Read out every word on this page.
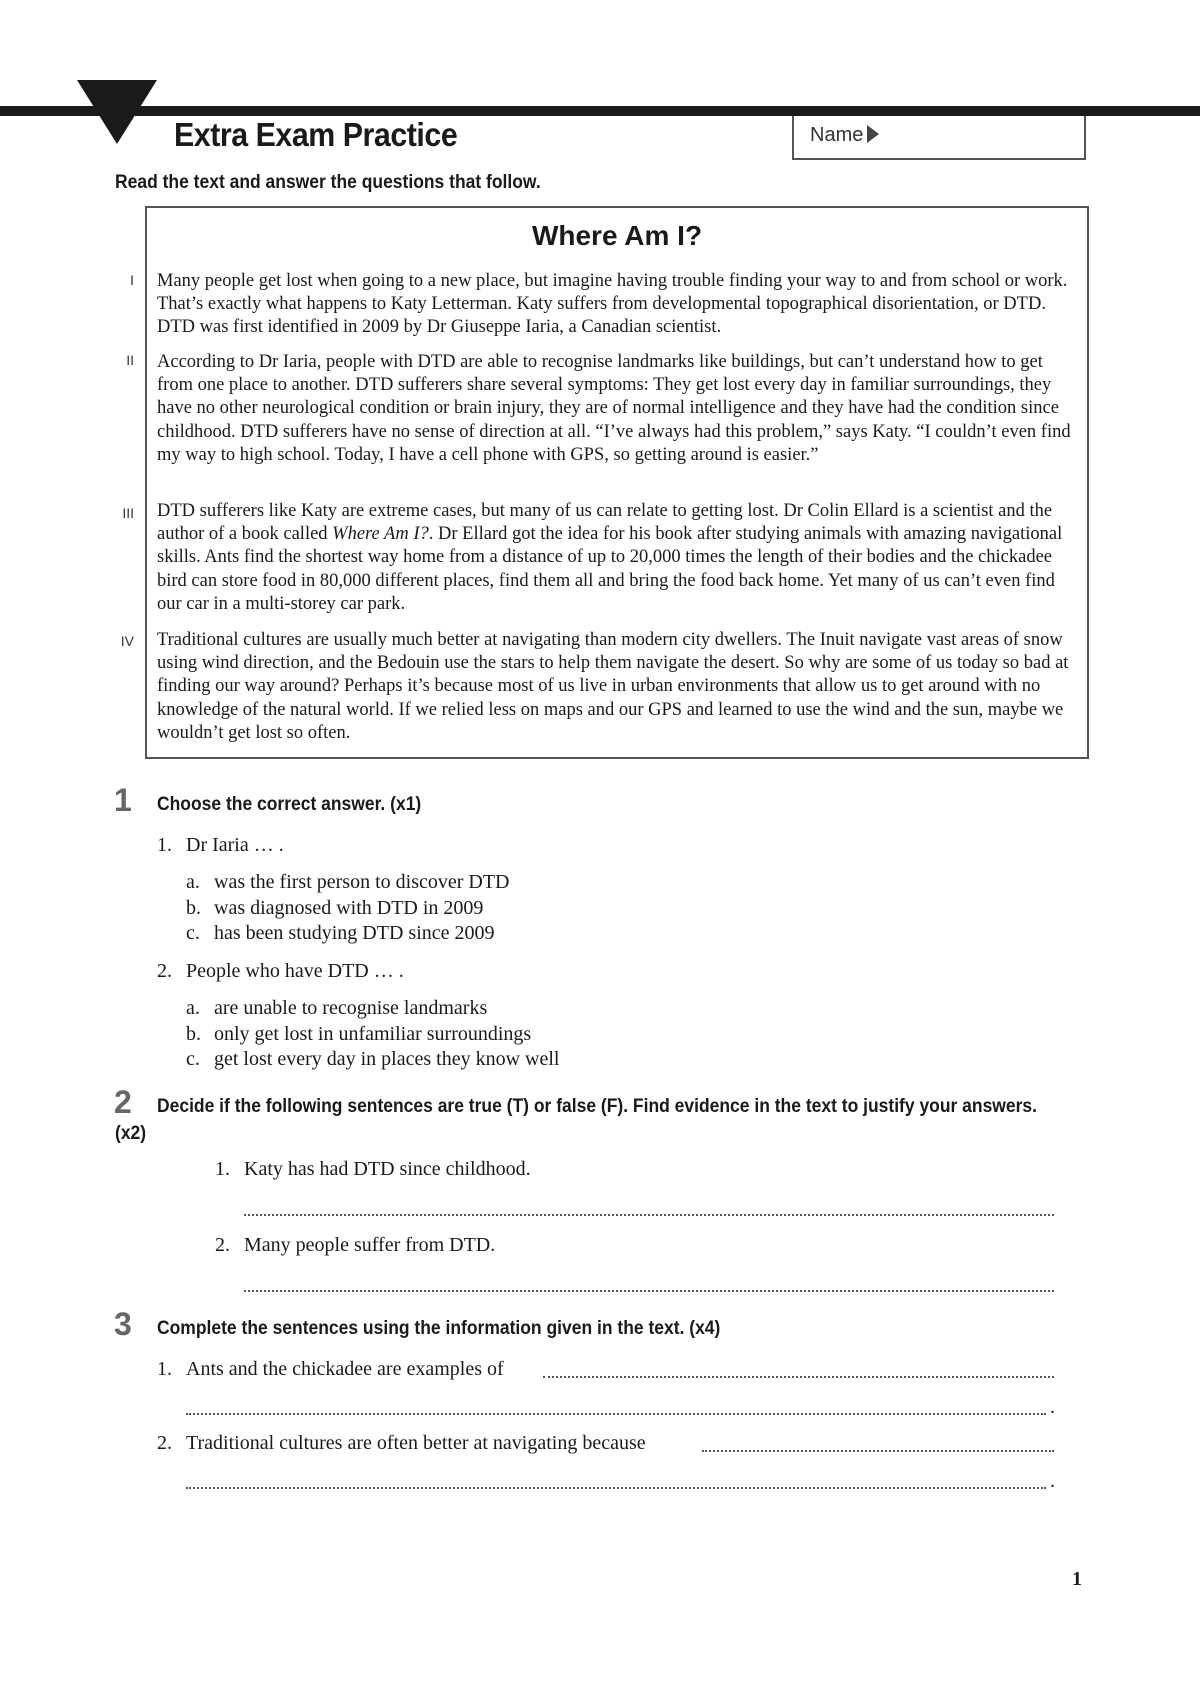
Extra Exam Practice	Name
Read the text and answer the questions that follow.
Where Am I?

Many people get lost when going to a new place, but imagine having trouble finding your way to and from school or work. That’s exactly what happens to Katy Letterman. Katy suffers from developmental topographical disorientation, or DTD. DTD was first identified in 2009 by Dr Giuseppe Iaria, a Canadian scientist.

According to Dr Iaria, people with DTD are able to recognise landmarks like buildings, but can’t understand how to get from one place to another. DTD sufferers share several symptoms: They get lost every day in familiar surroundings, they have no other neurological condition or brain injury, they are of normal intelligence and they have had the condition since childhood. DTD sufferers have no sense of direction at all. “I’ve always had this problem,” says Katy. “I couldn’t even find my way to high school. Today, I have a cell phone with GPS, so getting around is easier.”

DTD sufferers like Katy are extreme cases, but many of us can relate to getting lost. Dr Colin Ellard is a scientist and the author of a book called Where Am I?. Dr Ellard got the idea for his book after studying animals with amazing navigational skills. Ants find the shortest way home from a distance of up to 20,000 times the length of their bodies and the chickadee bird can store food in 80,000 different places, find them all and bring the food back home. Yet many of us can’t even find our car in a multi-storey car park.

Traditional cultures are usually much better at navigating than modern city dwellers. The Inuit navigate vast areas of snow using wind direction, and the Bedouin use the stars to help them navigate the desert. So why are some of us today so bad at finding our way around? Perhaps it’s because most of us live in urban environments that allow us to get around with no knowledge of the natural world. If we relied less on maps and our GPS and learned to use the wind and the sun, maybe we wouldn’t get lost so often.

I
II
III
IV
1 Choose the correct answer. (x1)
1. Dr Iaria … .
a. was the first person to discover DTD
b. was diagnosed with DTD in 2009
c. has been studying DTD since 2009
2. People who have DTD … .
a. are unable to recognise landmarks
b. only get lost in unfamiliar surroundings
c. get lost every day in places they know well
2 Decide if the following sentences are true (T) or false (F). Find evidence in the text to justify your answers.
(x2)
1. Katy has had DTD since childhood.
2. Many people suffer from DTD.
3 Complete the sentences using the information given in the text. (x4)
1. Ants and the chickadee are examples of
.
2. Traditional cultures are often better at navigating because
.
1
